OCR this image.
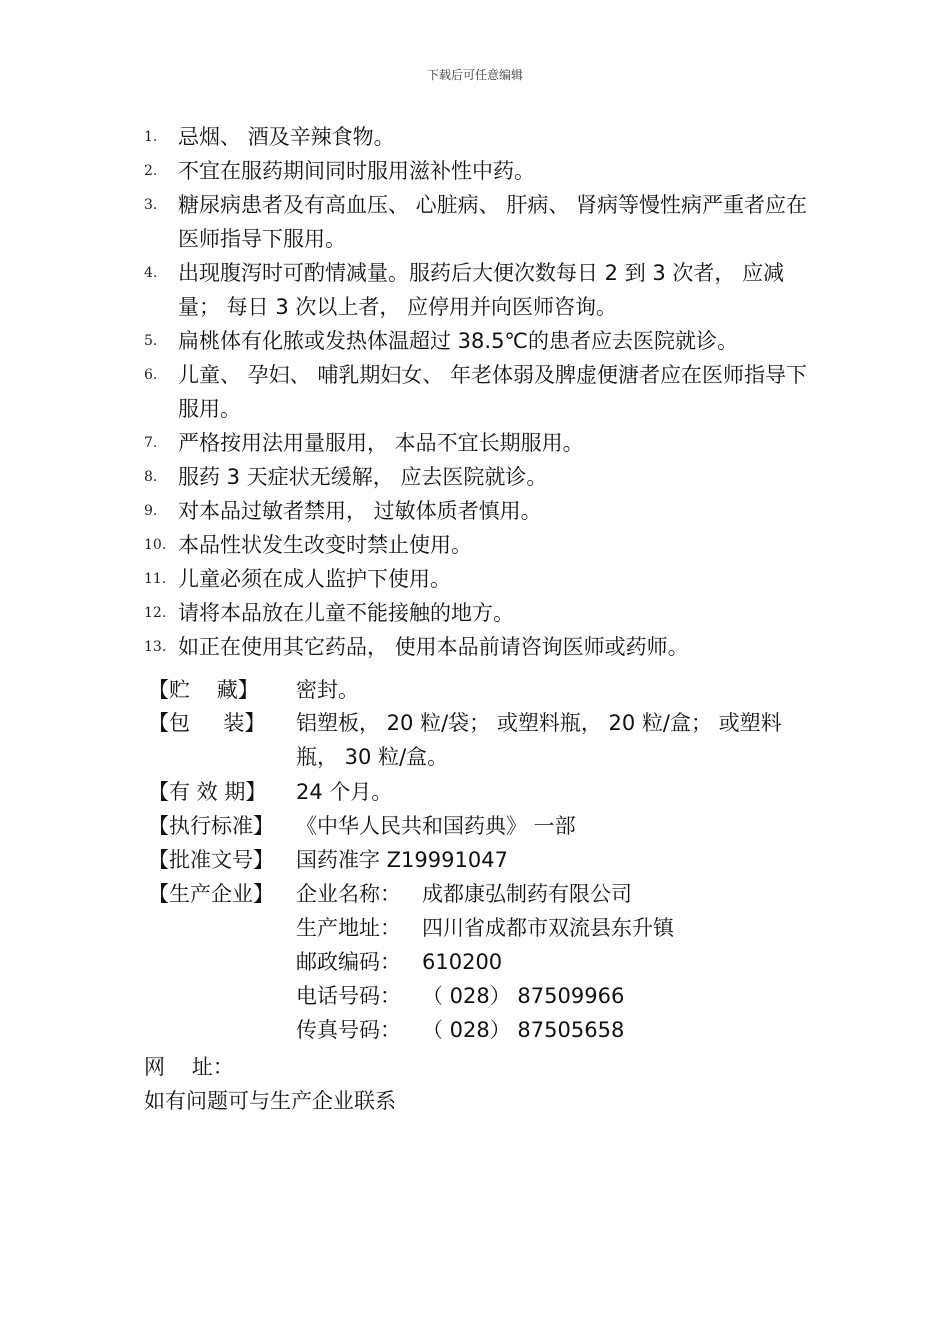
下载后可任意编辑
1. 忌烟、 酒及辛辣食物。
2. 不宜在服药期间同时服用滋补性中药。
3. 糖尿病患者及有高血压、 心脏病、 肝病、 肾病等慢性病严重者应在医师指导下服用。
4. 出现腹泻时可酌情减量。服药后大便次数每日 2 到 3 次者， 应减量； 每日 3 次以上者， 应停用并向医师咨询。
5. 扁桃体有化脓或发热体温超过 38.5℃的患者应去医院就诊。
6. 儿童、 孕妇、 哺乳期妇女、 年老体弱及脾虚便溏者应在医师指导下服用。
7. 严格按用法用量服用， 本品不宜长期服用。
8. 服药 3 天症状无缓解， 应去医院就诊。
9. 对本品过敏者禁用， 过敏体质者慎用。
10. 本品性状发生改变时禁止使用。
11. 儿童必须在成人监护下使用。
12. 请将本品放在儿童不能接触的地方。
13. 如正在使用其它药品， 使用本品前请咨询医师或药师。
【贮    藏】	密封。
【包     装】	铝塑板， 20 粒/袋； 或塑料瓶， 20 粒/盒； 或塑料瓶， 30 粒/盒。
【有 效 期】	24 个月。
【执行标准】	《中华人民共和国药典》 一部
【批准文号】	国药准字 Z19991047
【生产企业】	企业名称：	成都康弘制药有限公司
生产地址：	四川省成都市双流县东升镇
邮政编码：	610200
电话号码：	（ 028） 87509966
传真号码：	（ 028） 87505658
网    址：
如有问题可与生产企业联系
